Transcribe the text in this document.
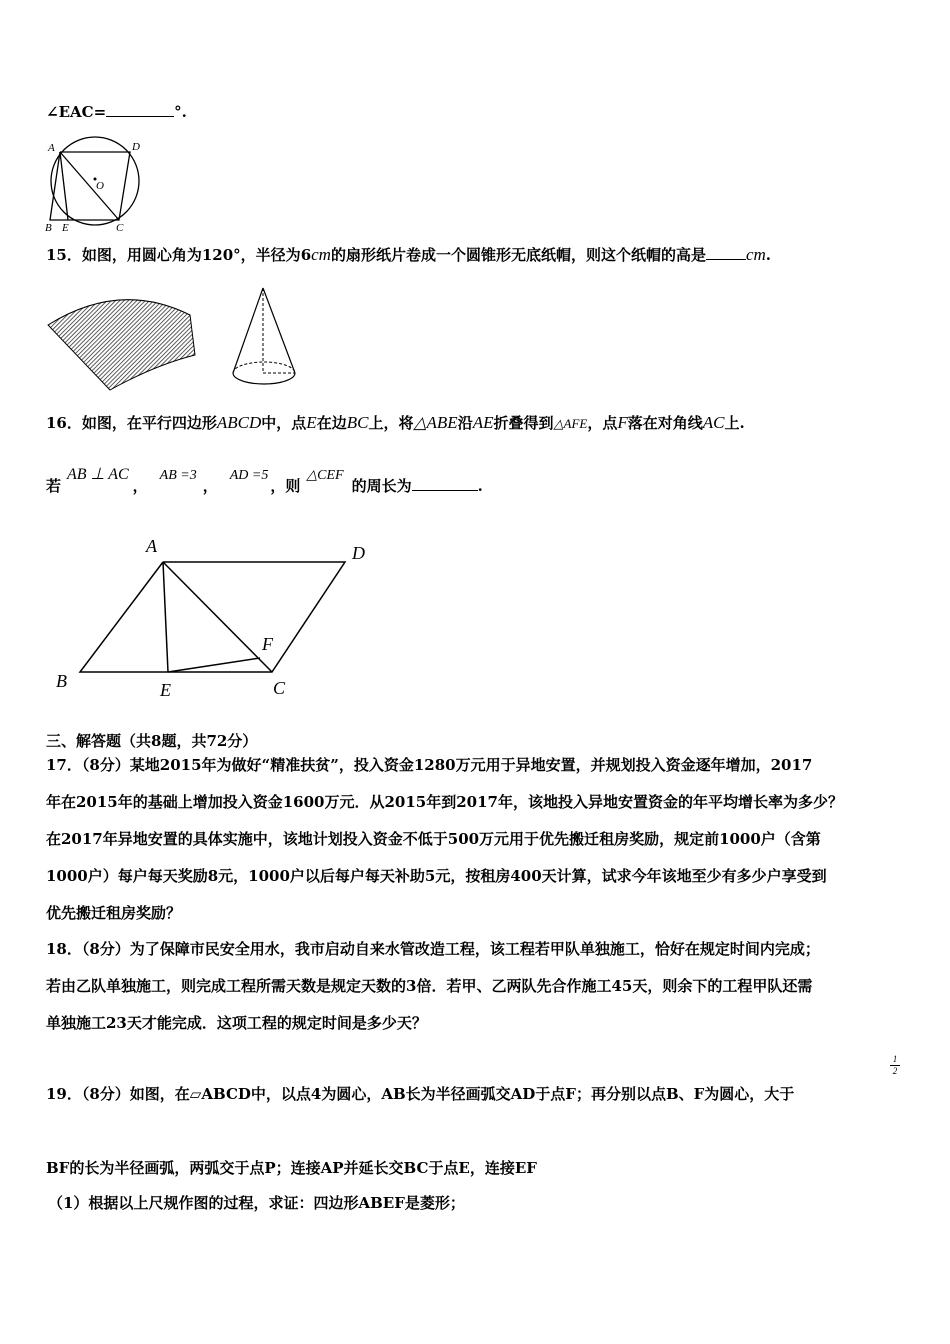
∠EAC=	°.
A	D
O
B E	C
15．如图，用圆心角为120°，半径为6cm的扇形纸片卷成一个圆锥形无底纸帽，则这个纸帽的高是 cm.
16．如图，在平行四边形ABCD中，点E在边BC上，将△ABE沿AE折叠得到△AFE，点F落在对角线AC上.
若AB ⊥ AC，AB =3，AD =5，则△CEF的周长为	.
A	D
B	E	C
F
三、解答题（共8题，共72分）
17．（8分）某地2015年为做好“精准扶贫”，投入资金1280万元用于异地安置，并规划投入资金逐年增加，2017
年在2015年的基础上增加投入资金1600万元．从2015年到2017年，该地投入异地安置资金的年平均增长率为多少？
在2017年异地安置的具体实施中，该地计划投入资金不低于500万元用于优先搬迁租房奖励，规定前1000户（含第
1000户）每户每天奖励8元，1000户以后每户每天补助5元，按租房400天计算，试求今年该地至少有多少户享受到
优先搬迁租房奖励？
18．（8分）为了保障市民安全用水，我市启动自来水管改造工程，该工程若甲队单独施工，恰好在规定时间内完成；
若由乙队单独施工，则完成工程所需天数是规定天数的3倍．若甲、乙两队先合作施工45天，则余下的工程甲队还需
单独施工23天才能完成．这项工程的规定时间是多少天？
19．（8分）如图，在▱ABCD中，以点4为圆心，AB长为半径画弧交AD于点F；再分别以点B、F为圆心，大于
$\frac{1}{2}$
BF的长为半径画弧，两弧交于点P；连接AP并延长交BC于点E，连接EF
（1）根据以上尺规作图的过程，求证：四边形ABEF是菱形；
